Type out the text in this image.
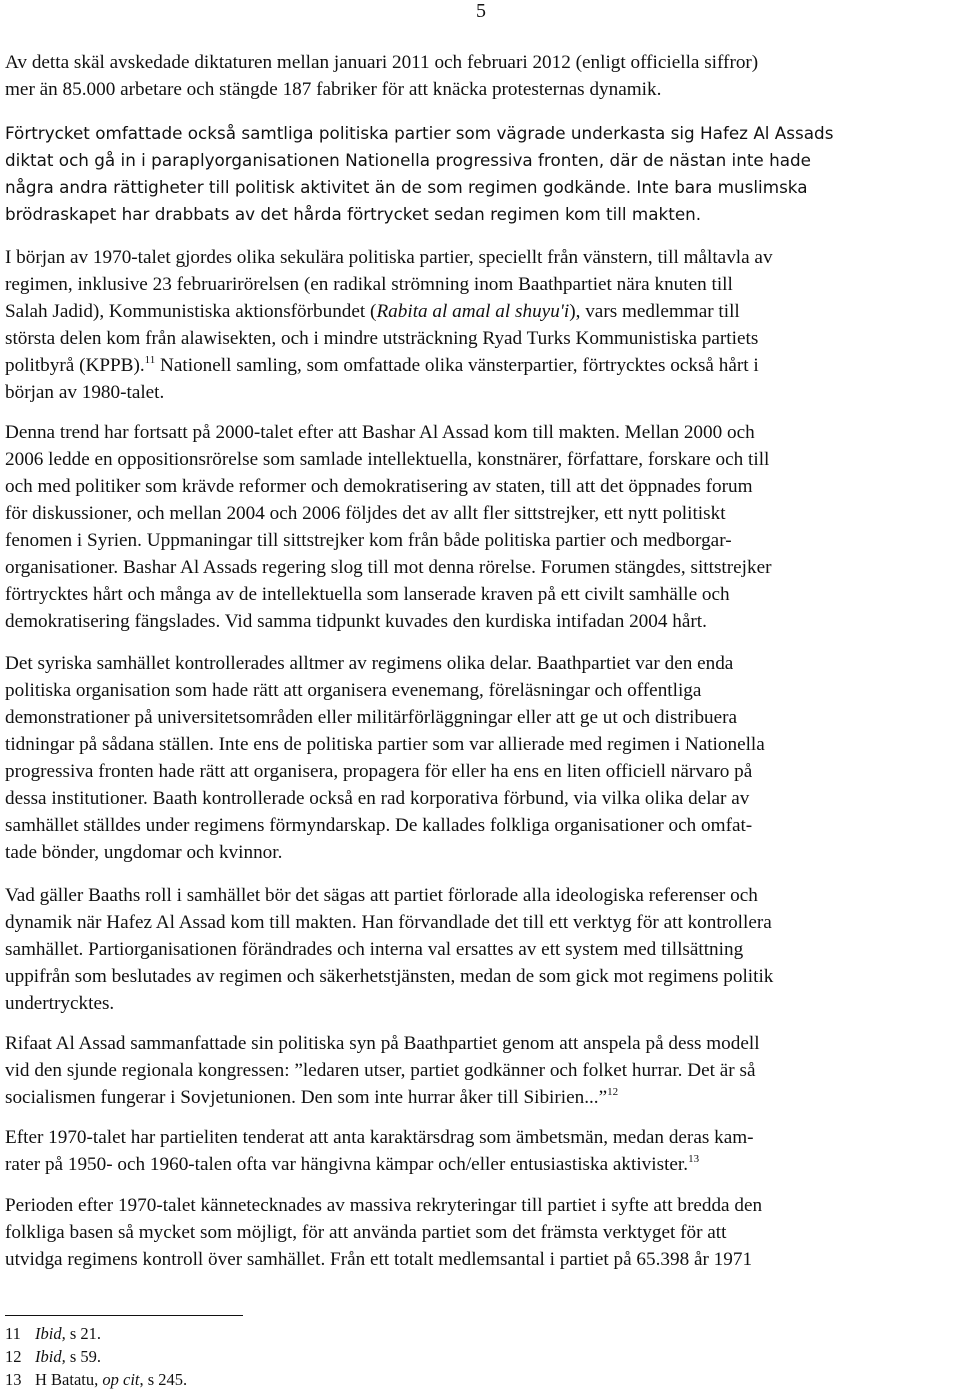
5

Av detta skäl avskedade diktaturen mellan januari 2011 och februari 2012 (enligt officiella siffror)
mer än 85.000 arbetare och stängde 187 fabriker för att knäcka protesternas dynamik.

Förtrycket omfattade också samtliga politiska partier som vägrade underkasta sig Hafez Al Assads
diktat och gå in i paraplyorganisationen Nationella progressiva fronten, där de nästan inte hade
några andra rättigheter till politisk aktivitet än de som regimen godkände. Inte bara muslimska
brödraskapet har drabbats av det hårda förtrycket sedan regimen kom till makten.

I början av 1970-talet gjordes olika sekulära politiska partier, speciellt från vänstern, till måltavla av
regimen, inklusive 23 februarirörelsen (en radikal strömning inom Baathpartiet nära knuten till
Salah Jadid), Kommunistiska aktionsförbundet (Rabita al amal al shuyu'i), vars medlemmar till
största delen kom från alawisekten, och i mindre utsträckning Ryad Turks Kommunistiska partiets
politbyrå (KPPB).$^{11}$ Nationell samling, som omfattade olika vänsterpartier, förtrycktes också hårt i
början av 1980-talet.

Denna trend har fortsatt på 2000-talet efter att Bashar Al Assad kom till makten. Mellan 2000 och
2006 ledde en oppositionsrörelse som samlade intellektuella, konstnärer, författare, forskare och till
och med politiker som krävde reformer och demokratisering av staten, till att det öppnades forum
för diskussioner, och mellan 2004 och 2006 följdes det av allt fler sittstrejker, ett nytt politiskt
fenomen i Syrien. Uppmaningar till sittstrejker kom från både politiska partier och medborgar-
organisationer. Bashar Al Assads regering slog till mot denna rörelse. Forumen stängdes, sittstrejker
förtrycktes hårt och många av de intellektuella som lanserade kraven på ett civilt samhälle och
demokratisering fängslades. Vid samma tidpunkt kuvades den kurdiska intifadan 2004 hårt.

Det syriska samhället kontrollerades alltmer av regimens olika delar. Baathpartiet var den enda
politiska organisation som hade rätt att organisera evenemang, föreläsningar och offentliga
demonstrationer på universitetsområden eller militärförläggningar eller att ge ut och distribuera
tidningar på sådana ställen. Inte ens de politiska partier som var allierade med regimen i Nationella
progressiva fronten hade rätt att organisera, propagera för eller ha ens en liten officiell närvaro på
dessa institutioner. Baath kontrollerade också en rad korporativa förbund, via vilka olika delar av
samhället ställdes under regimens förmyndarskap. De kallades folkliga organisationer och omfat-
tade bönder, ungdomar och kvinnor.

Vad gäller Baaths roll i samhället bör det sägas att partiet förlorade alla ideologiska referenser och
dynamik när Hafez Al Assad kom till makten. Han förvandlade det till ett verktyg för att kontrollera
samhället. Partiorganisationen förändrades och interna val ersattes av ett system med tillsättning
uppifrån som beslutades av regimen och säkerhetstjänsten, medan de som gick mot regimens politik
undertrycktes.

Rifaat Al Assad sammanfattade sin politiska syn på Baathpartiet genom att anspela på dess modell
vid den sjunde regionala kongressen: ”ledaren utser, partiet godkänner och folket hurrar. Det är så
socialismen fungerar i Sovjetunionen. Den som inte hurrar åker till Sibirien...”$^{12}$

Efter 1970-talet har partieliten tenderat att anta karaktärsdrag som ämbetsmän, medan deras kam-
rater på 1950- och 1960-talen ofta var hängivna kämpar och/eller entusiastiska aktivister.$^{13}$

Perioden efter 1970-talet kännetecknades av massiva rekryteringar till partiet i syfte att bredda den
folkliga basen så mycket som möjligt, för att använda partiet som det främsta verktyget för att
utvidga regimens kontroll över samhället. Från ett totalt medlemsantal i partiet på 65.398 år 1971

11 Ibid, s 21.
12 Ibid, s 59.
13 H Batatu, op cit, s 245.
